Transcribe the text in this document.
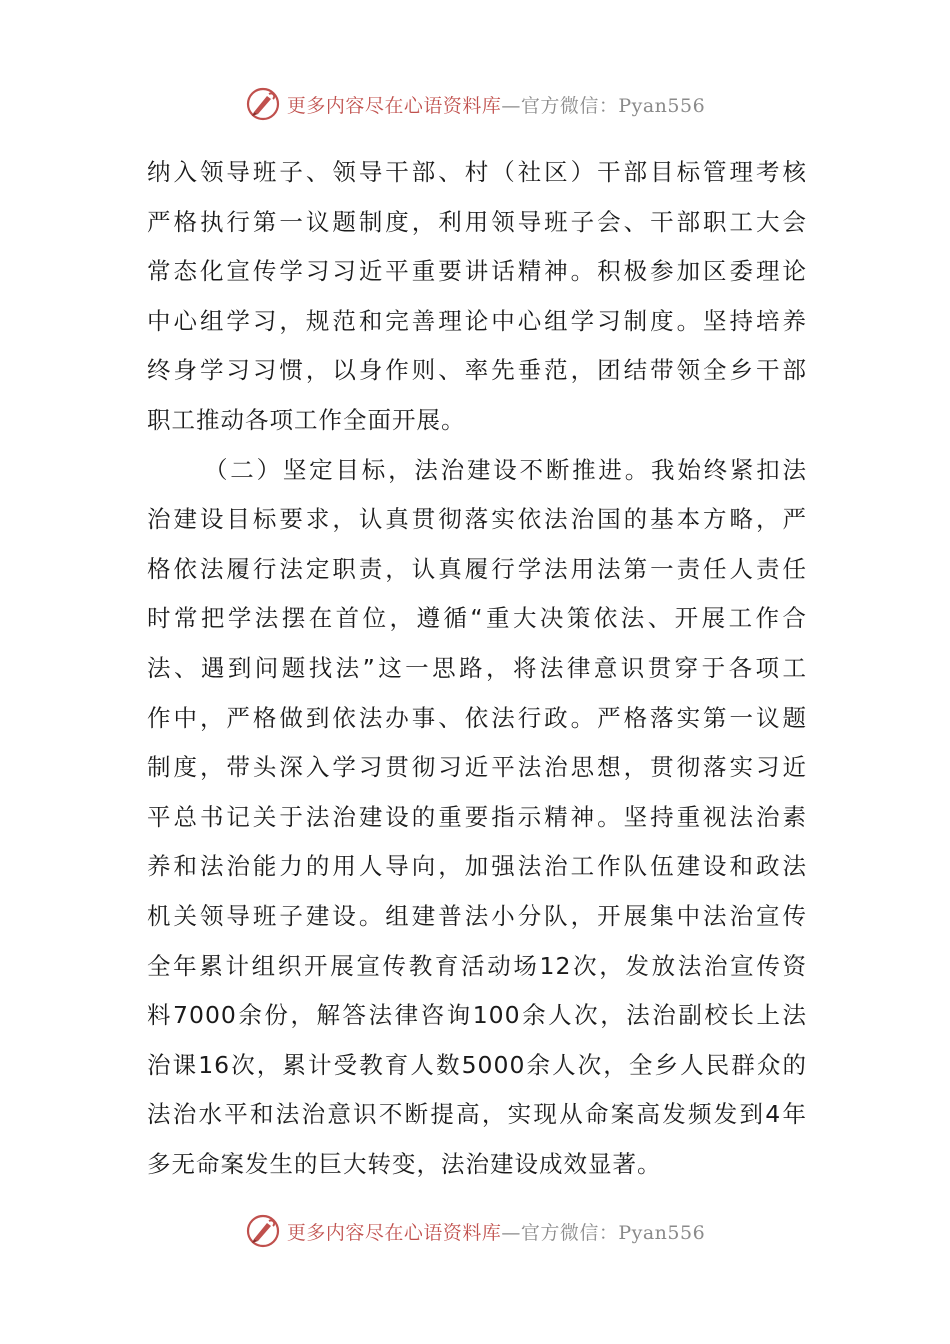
更多内容尽在心语资料库—官方微信：Pyan556
纳入领导班子、领导干部、村（社区）干部目标管理考核
严格执行第一议题制度，利用领导班子会、干部职工大会
常态化宣传学习习近平重要讲话精神。积极参加区委理论
中心组学习，规范和完善理论中心组学习制度。坚持培养
终身学习习惯，以身作则、率先垂范，团结带领全乡干部
职工推动各项工作全面开展。
（二）坚定目标，法治建设不断推进。我始终紧扣法
治建设目标要求，认真贯彻落实依法治国的基本方略，严
格依法履行法定职责，认真履行学法用法第一责任人责任
时常把学法摆在首位，遵循“重大决策依法、开展工作合
法、遇到问题找法”这一思路，将法律意识贯穿于各项工
作中，严格做到依法办事、依法行政。严格落实第一议题
制度，带头深入学习贯彻习近平法治思想，贯彻落实习近
平总书记关于法治建设的重要指示精神。坚持重视法治素
养和法治能力的用人导向，加强法治工作队伍建设和政法
机关领导班子建设。组建普法小分队，开展集中法治宣传
全年累计组织开展宣传教育活动场12次，发放法治宣传资
料7000余份，解答法律咨询100余人次，法治副校长上法
治课16次，累计受教育人数5000余人次，全乡人民群众的
法治水平和法治意识不断提高，实现从命案高发频发到4年
多无命案发生的巨大转变，法治建设成效显著。
更多内容尽在心语资料库—官方微信：Pyan556
